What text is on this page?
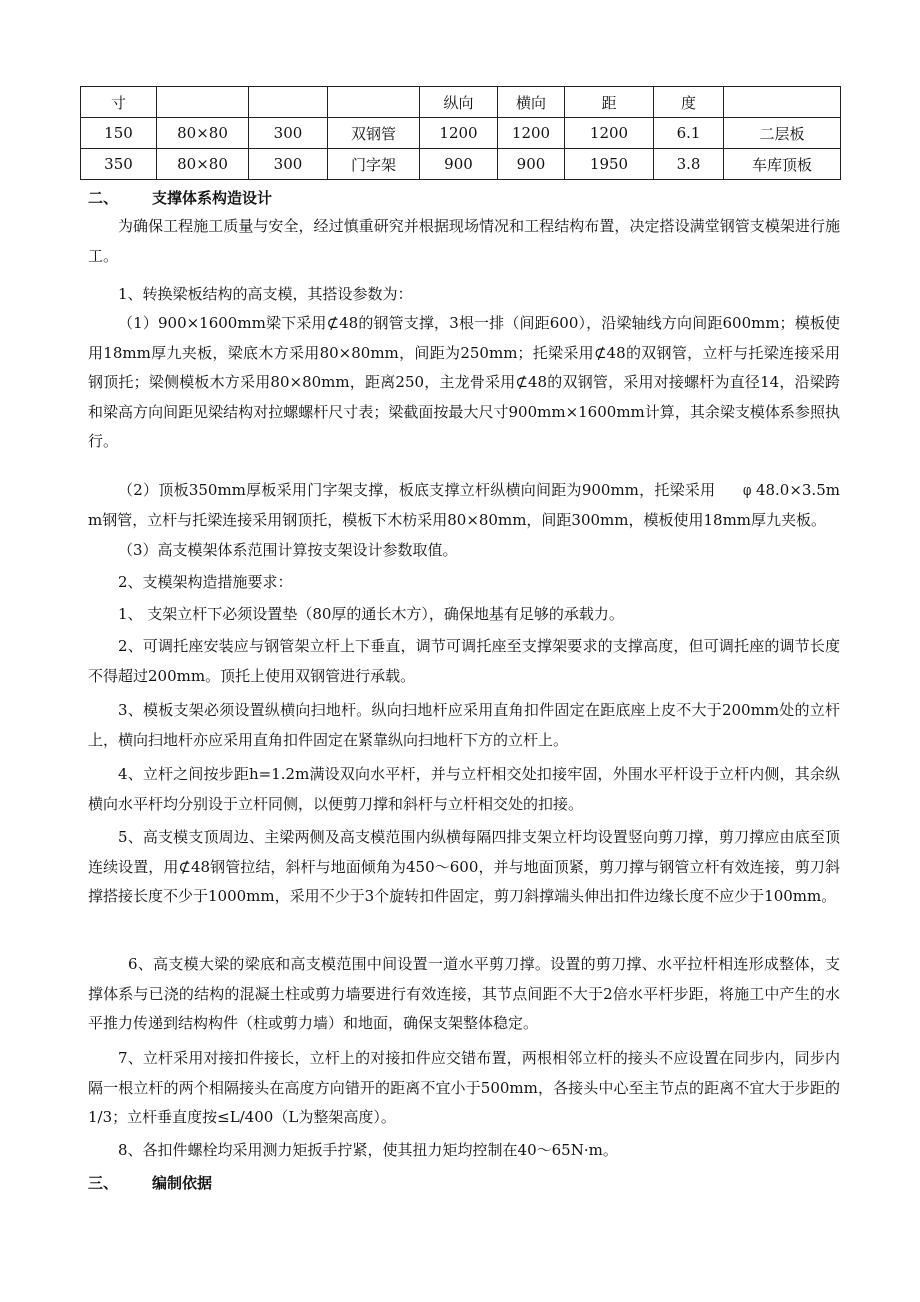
寸				纵向	横向	距	度	
150	80×80	300	双钢管	1200	1200	1200	6.1	二层板
350	80×80	300	门字架	900	900	1950	3.8	车库顶板
二、 支撑体系构造设计
为确保工程施工质量与安全，经过慎重研究并根据现场情况和工程结构布置，决定搭设满堂钢管支模架进行施工。
1、转换梁板结构的高支模，其搭设参数为：
（1）900×1600mm梁下采用⊄48的钢管支撑，3根一排（间距600），沿梁轴线方向间距600mm；模板使用18mm厚九夹板，梁底木方采用80×80mm，间距为250mm；托梁采用⊄48的双钢管，立杆与托梁连接采用钢顶托；梁侧模板木方采用80×80mm，距离250，主龙骨采用⊄48的双钢管，采用对接螺杆为直径14，沿梁跨和梁高方向间距见梁结构对拉螺螺杆尺寸表；梁截面按最大尺寸900mm×1600mm计算，其余梁支模体系参照执行。
（2）顶板350mm厚板采用门字架支撑，板底支撑立杆纵横向间距为900mm，托梁采用 φ 48.0×3.5mm钢管，立杆与托梁连接采用钢顶托，模板下木枋采用80×80mm，间距300mm，模板使用18mm厚九夹板。
（3）高支模架体系范围计算按支架设计参数取值。
2、支模架构造措施要求：
1、 支架立杆下必须设置垫（80厚的通长木方），确保地基有足够的承载力。
2、可调托座安装应与钢管架立杆上下垂直，调节可调托座至支撑架要求的支撑高度，但可调托座的调节长度不得超过200mm。顶托上使用双钢管进行承载。
3、模板支架必须设置纵横向扫地杆。纵向扫地杆应采用直角扣件固定在距底座上皮不大于200mm处的立杆上，横向扫地杆亦应采用直角扣件固定在紧靠纵向扫地杆下方的立杆上。
4、立杆之间按步距h=1.2m满设双向水平杆，并与立杆相交处扣接牢固，外围水平杆设于立杆内侧，其余纵横向水平杆均分别设于立杆同侧，以便剪刀撑和斜杆与立杆相交处的扣接。
5、高支模支顶周边、主梁两侧及高支模范围内纵横每隔四排支架立杆均设置竖向剪刀撑，剪刀撑应由底至顶连续设置，用⊄48钢管拉结，斜杆与地面倾角为450～600，并与地面顶紧，剪刀撑与钢管立杆有效连接，剪刀斜撑搭接长度不少于1000mm，采用不少于3个旋转扣件固定，剪刀斜撑端头伸出扣件边缘长度不应少于100mm。
6、高支模大梁的梁底和高支模范围中间设置一道水平剪刀撑。设置的剪刀撑、水平拉杆相连形成整体，支撑体系与已浇的结构的混凝土柱或剪力墙要进行有效连接，其节点间距不大于2倍水平杆步距，将施工中产生的水平推力传递到结构构件（柱或剪力墙）和地面，确保支架整体稳定。
7、立杆采用对接扣件接长，立杆上的对接扣件应交错布置，两根相邻立杆的接头不应设置在同步内，同步内隔一根立杆的两个相隔接头在高度方向错开的距离不宜小于500mm，各接头中心至主节点的距离不宜大于步距的1/3；立杆垂直度按≤L/400（L为整架高度）。
8、各扣件螺栓均采用测力矩扳手拧紧，使其扭力矩均控制在40～65N·m。
三、 编制依据
